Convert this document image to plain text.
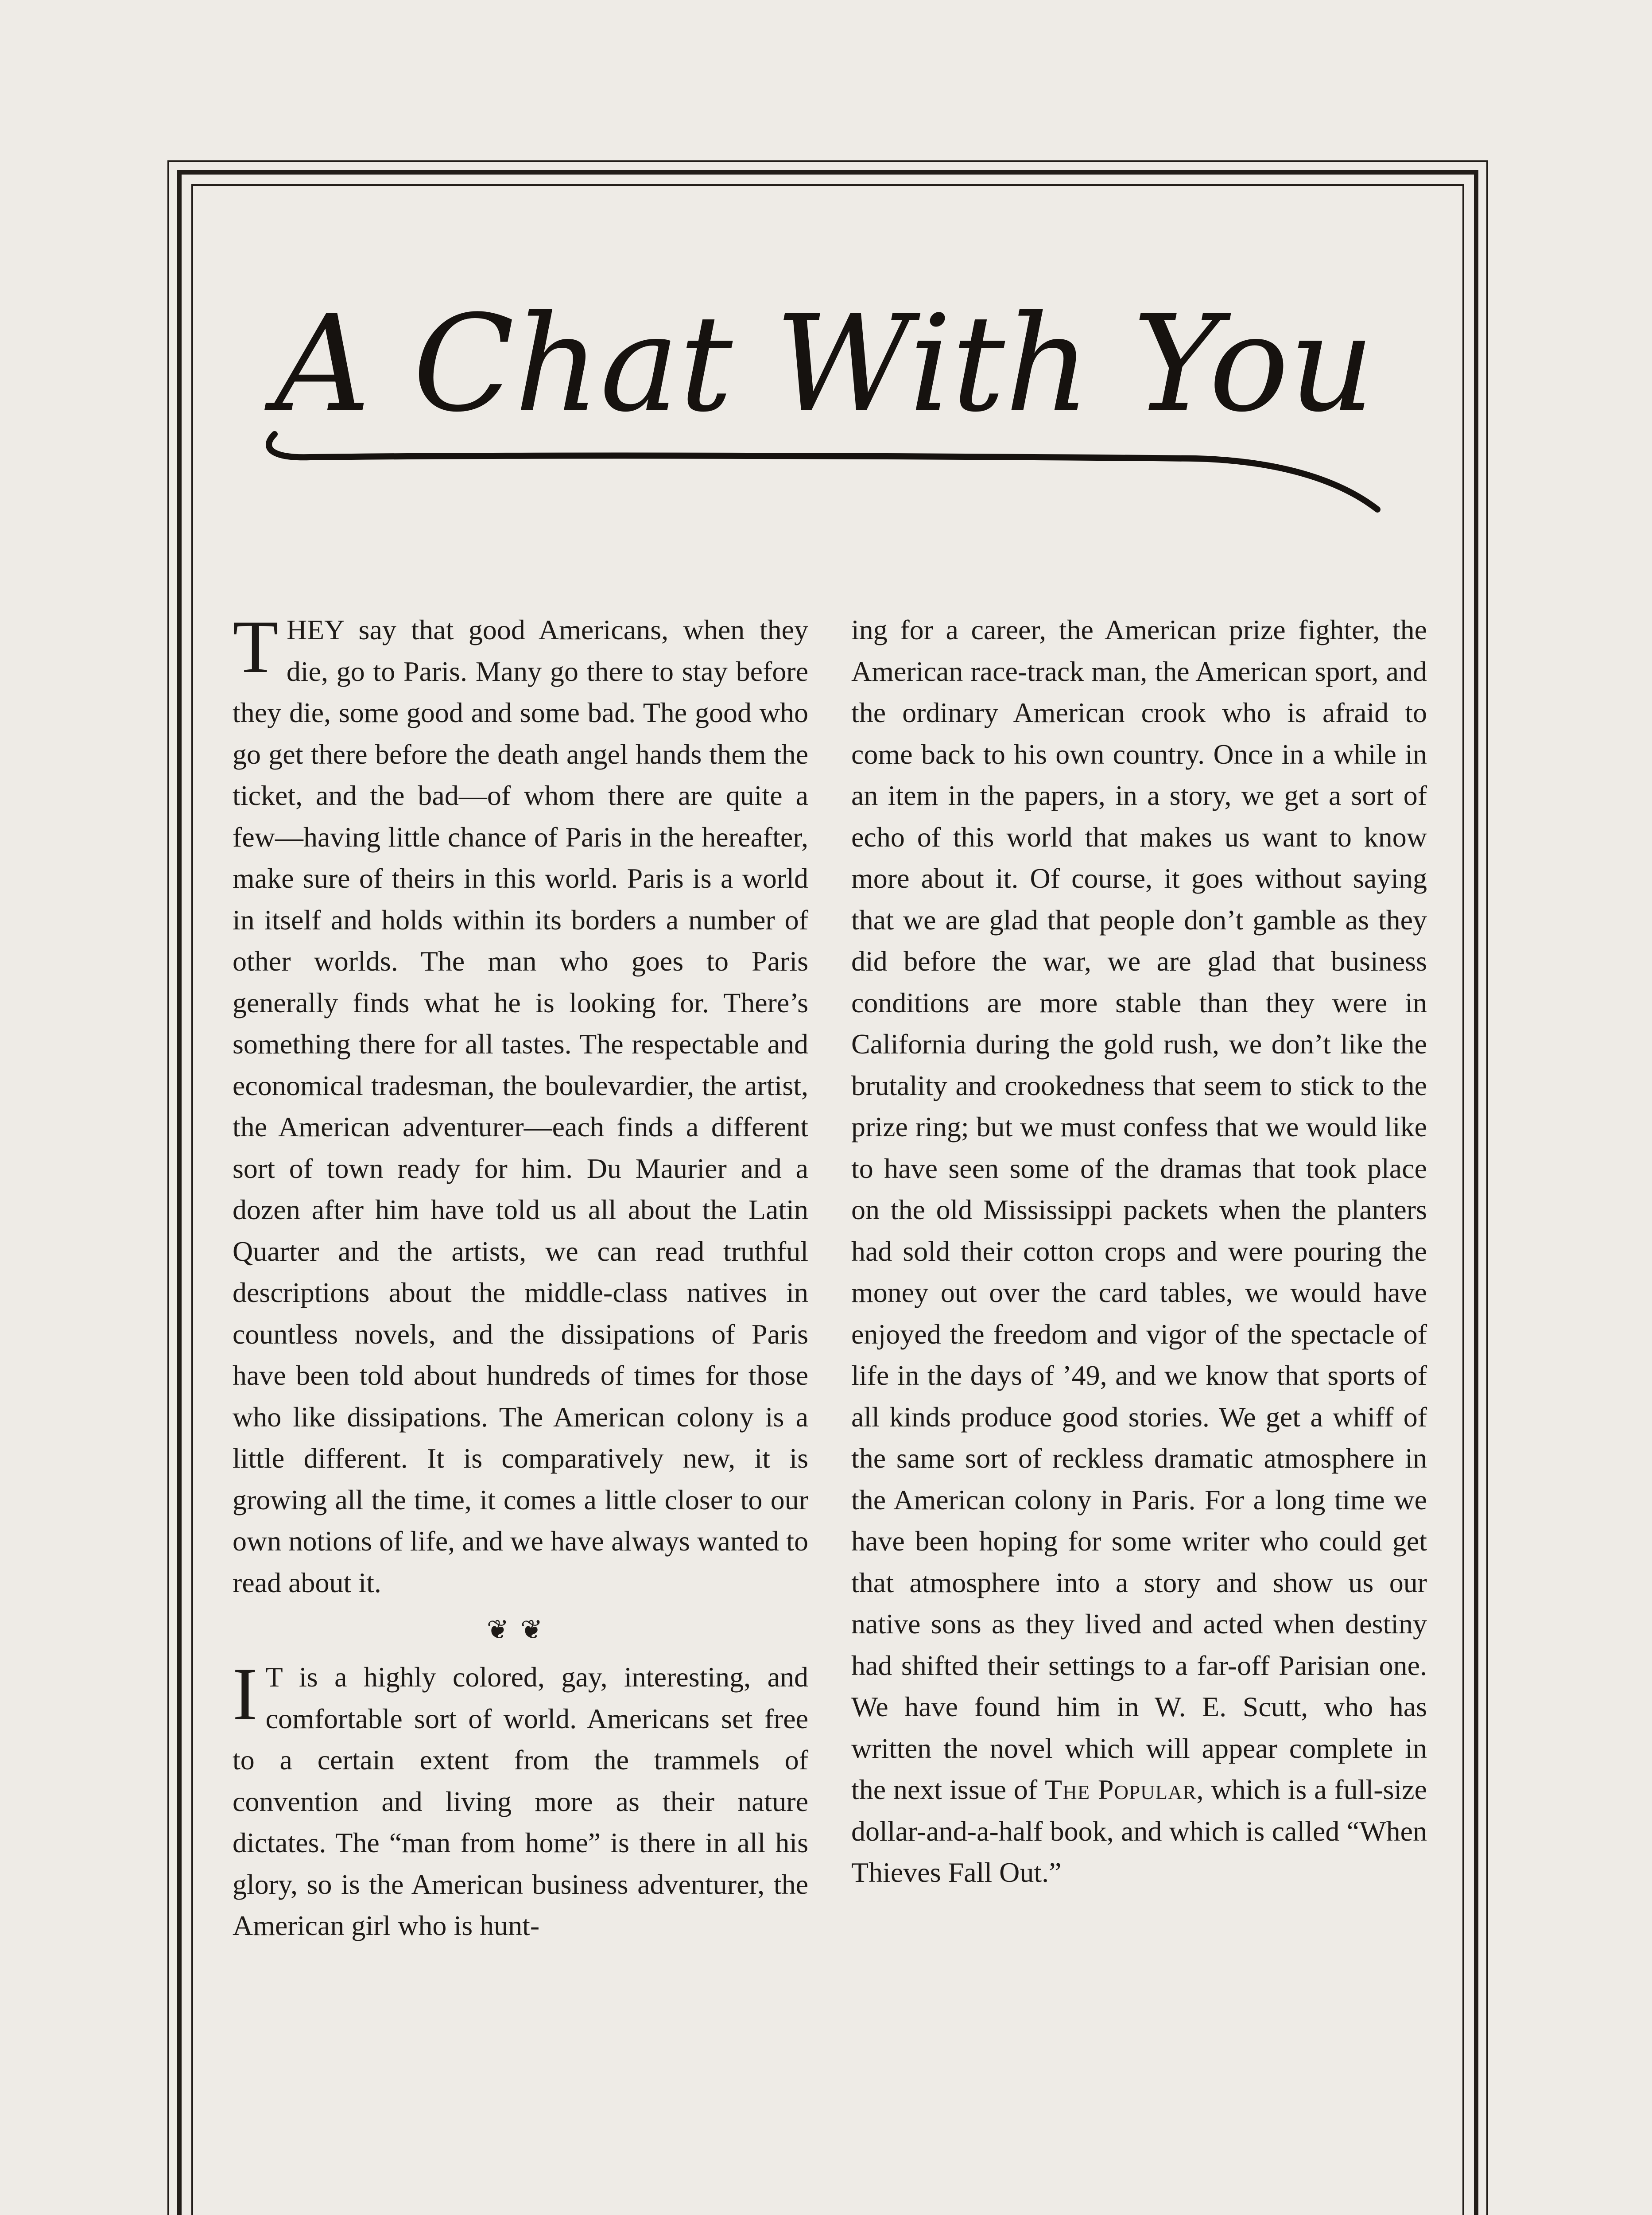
A Chat With You

THEY say that good Americans, when they die, go to Paris. Many go there to stay before they die, some good and some bad. The good who go get there before the death angel hands them the ticket, and the bad—of whom there are quite a few—having little chance of Paris in the hereafter, make sure of theirs in this world. Paris is a world in itself and holds within its borders a number of other worlds. The man who goes to Paris generally finds what he is looking for. There’s something there for all tastes. The respectable and economical tradesman, the boulevardier, the artist, the American adventurer—each finds a different sort of town ready for him. Du Maurier and a dozen after him have told us all about the Latin Quarter and the artists, we can read truthful descriptions about the middle-class natives in countless novels, and the dissipations of Paris have been told about hundreds of times for those who like dissipations. The American colony is a little different. It is comparatively new, it is growing all the time, it comes a little closer to our own notions of life, and we have always wanted to read about it.

❦❦

I T is a highly colored, gay, interesting, and comfortable sort of world. Americans set free to a certain extent from the trammels of convention and living more as their nature dictates. The “man from home” is there in all his glory, so is the American business adventurer, the American girl who is hunt-

ing for a career, the American prize fighter, the American race-track man, the American sport, and the ordinary American crook who is afraid to come back to his own country. Once in a while in an item in the papers, in a story, we get a sort of echo of this world that makes us want to know more about it. Of course, it goes without saying that we are glad that people don’t gamble as they did before the war, we are glad that business conditions are more stable than they were in California during the gold rush, we don’t like the brutality and crookedness that seem to stick to the prize ring; but we must confess that we would like to have seen some of the dramas that took place on the old Mississippi packets when the planters had sold their cotton crops and were pouring the money out over the card tables, we would have enjoyed the freedom and vigor of the spectacle of life in the days of ’49, and we know that sports of all kinds produce good stories. We get a whiff of the same sort of reckless dramatic atmosphere in the American colony in Paris. For a long time we have been hoping for some writer who could get that atmosphere into a story and show us our native sons as they lived and acted when destiny had shifted their settings to a far-off Parisian one. We have found him in W. E. Scutt, who has written the novel which will appear complete in the next issue of The Popular, which is a full-size dollar-and-a-half book, and which is called “When Thieves Fall Out.”
